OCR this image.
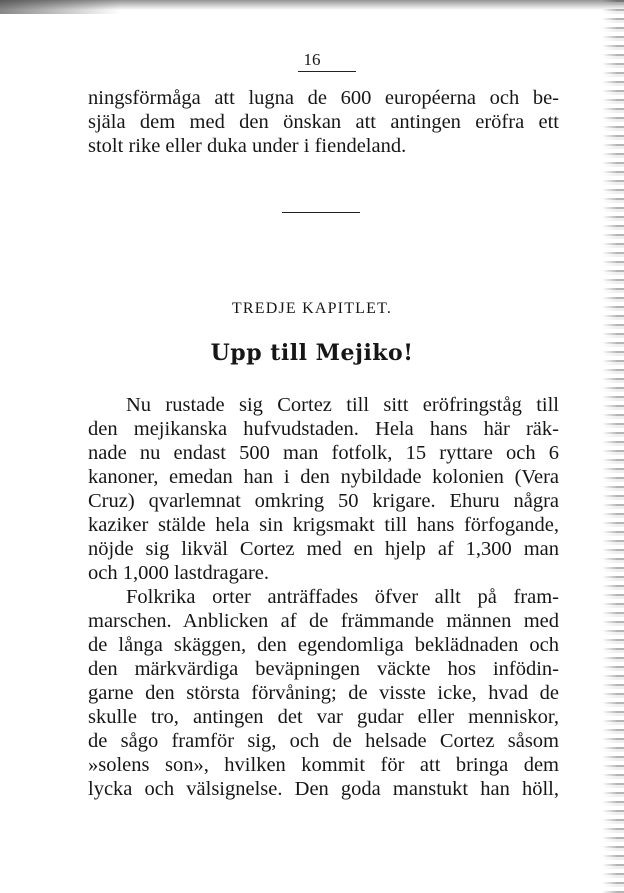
16
ningsförmåga att lugna de 600 européerna och be-
själa dem med den önskan att antingen eröfra ett
stolt rike eller duka under i fiendeland.
TREDJE KAPITLET.
Upp till Mejiko!
Nu rustade sig Cortez till sitt eröfringståg till
den mejikanska hufvudstaden. Hela hans här räk-
nade nu endast 500 man fotfolk, 15 ryttare och 6
kanoner, emedan han i den nybildade kolonien (Vera
Cruz) qvarlemnat omkring 50 krigare. Ehuru några
kaziker stälde hela sin krigsmakt till hans förfogande,
nöjde sig likväl Cortez med en hjelp af 1,300 man
och 1,000 lastdragare.
Folkrika orter anträffades öfver allt på fram-
marschen. Anblicken af de främmande männen med
de långa skäggen, den egendomliga beklädnaden och
den märkvärdiga beväpningen väckte hos infödin-
garne den största förvåning; de visste icke, hvad de
skulle tro, antingen det var gudar eller menniskor,
de sågo framför sig, och de helsade Cortez såsom
»solens son», hvilken kommit för att bringa dem
lycka och välsignelse. Den goda manstukt han höll,
